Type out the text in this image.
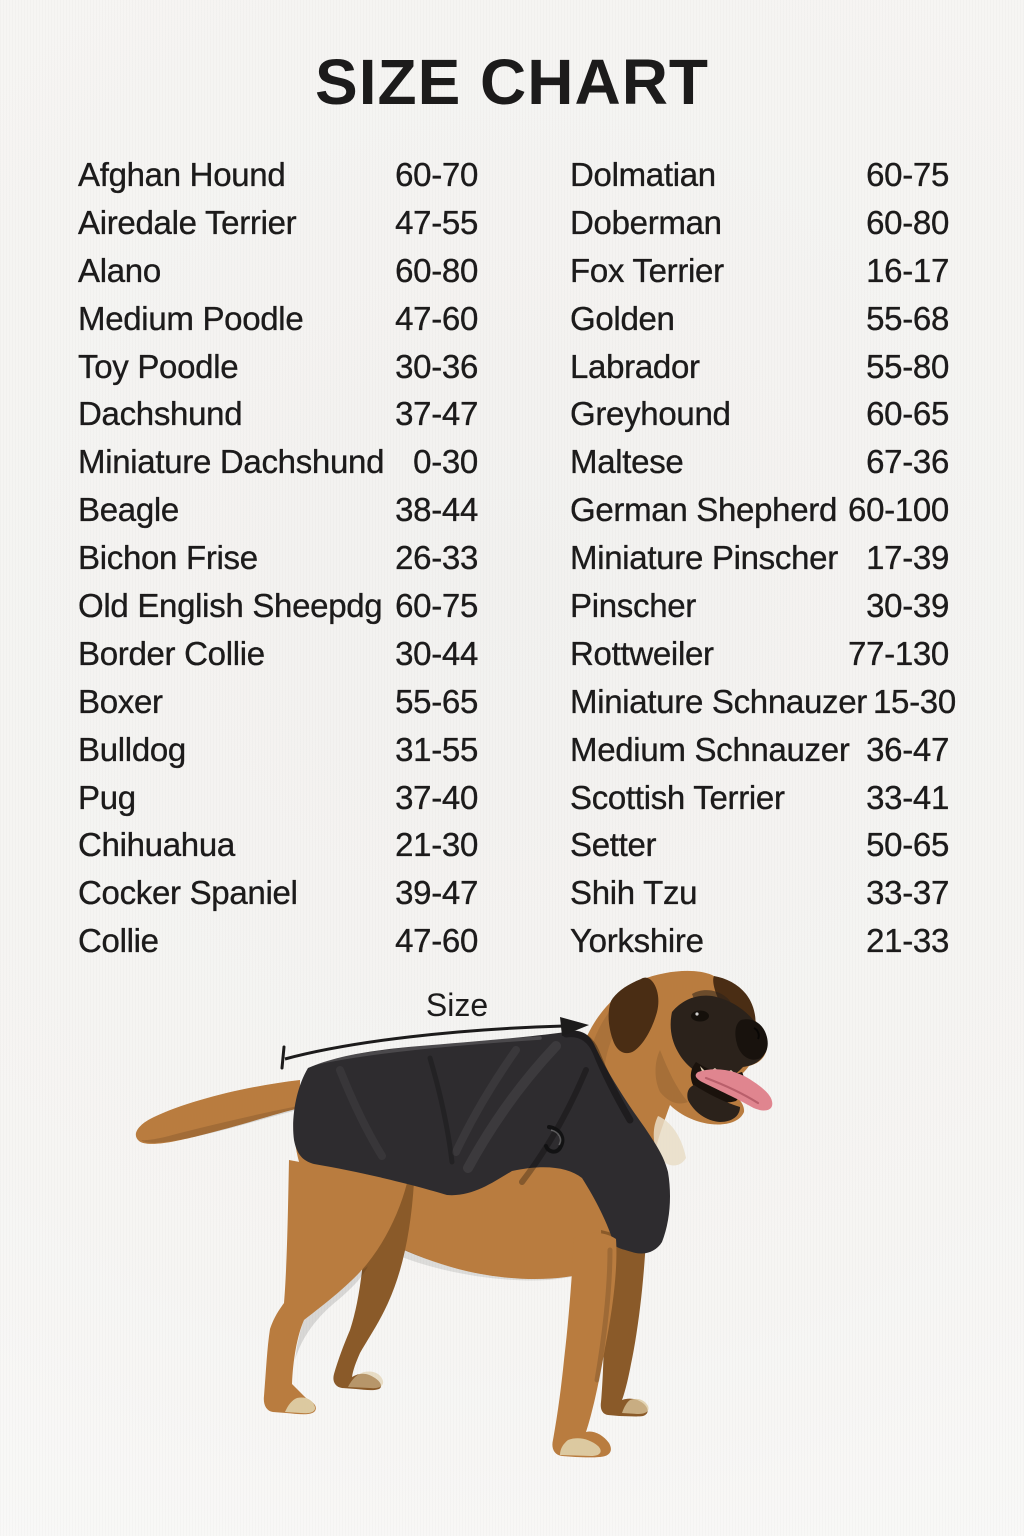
SIZE CHART
Afghan Hound	60-70
Airedale Terrier	47-55
Alano	60-80
Medium Poodle	47-60
Toy Poodle	30-36
Dachshund	37-47
Miniature Dachshund 0-30
Beagle	38-44
Bichon Frise	26-33
Old English Sheepdg 60-75
Border Collie	30-44
Boxer	55-65
Bulldog	31-55
Pug	37-40
Chihuahua	21-30
Cocker Spaniel	39-47
Collie	47-60
Dolmatian	60-75
Doberman	60-80
Fox Terrier	16-17
Golden	55-68
Labrador	55-80
Greyhound	60-65
Maltese	67-36
German Shepherd 60-100
Miniature Pinscher 17-39
Pinscher	30-39
Rottweiler	77-130
Miniature Schnauzer 15-30
Medium Schnauzer 36-47
Scottish Terrier 33-41
Setter	50-65
Shih Tzu	33-37
Yorkshire	21-33
Size
